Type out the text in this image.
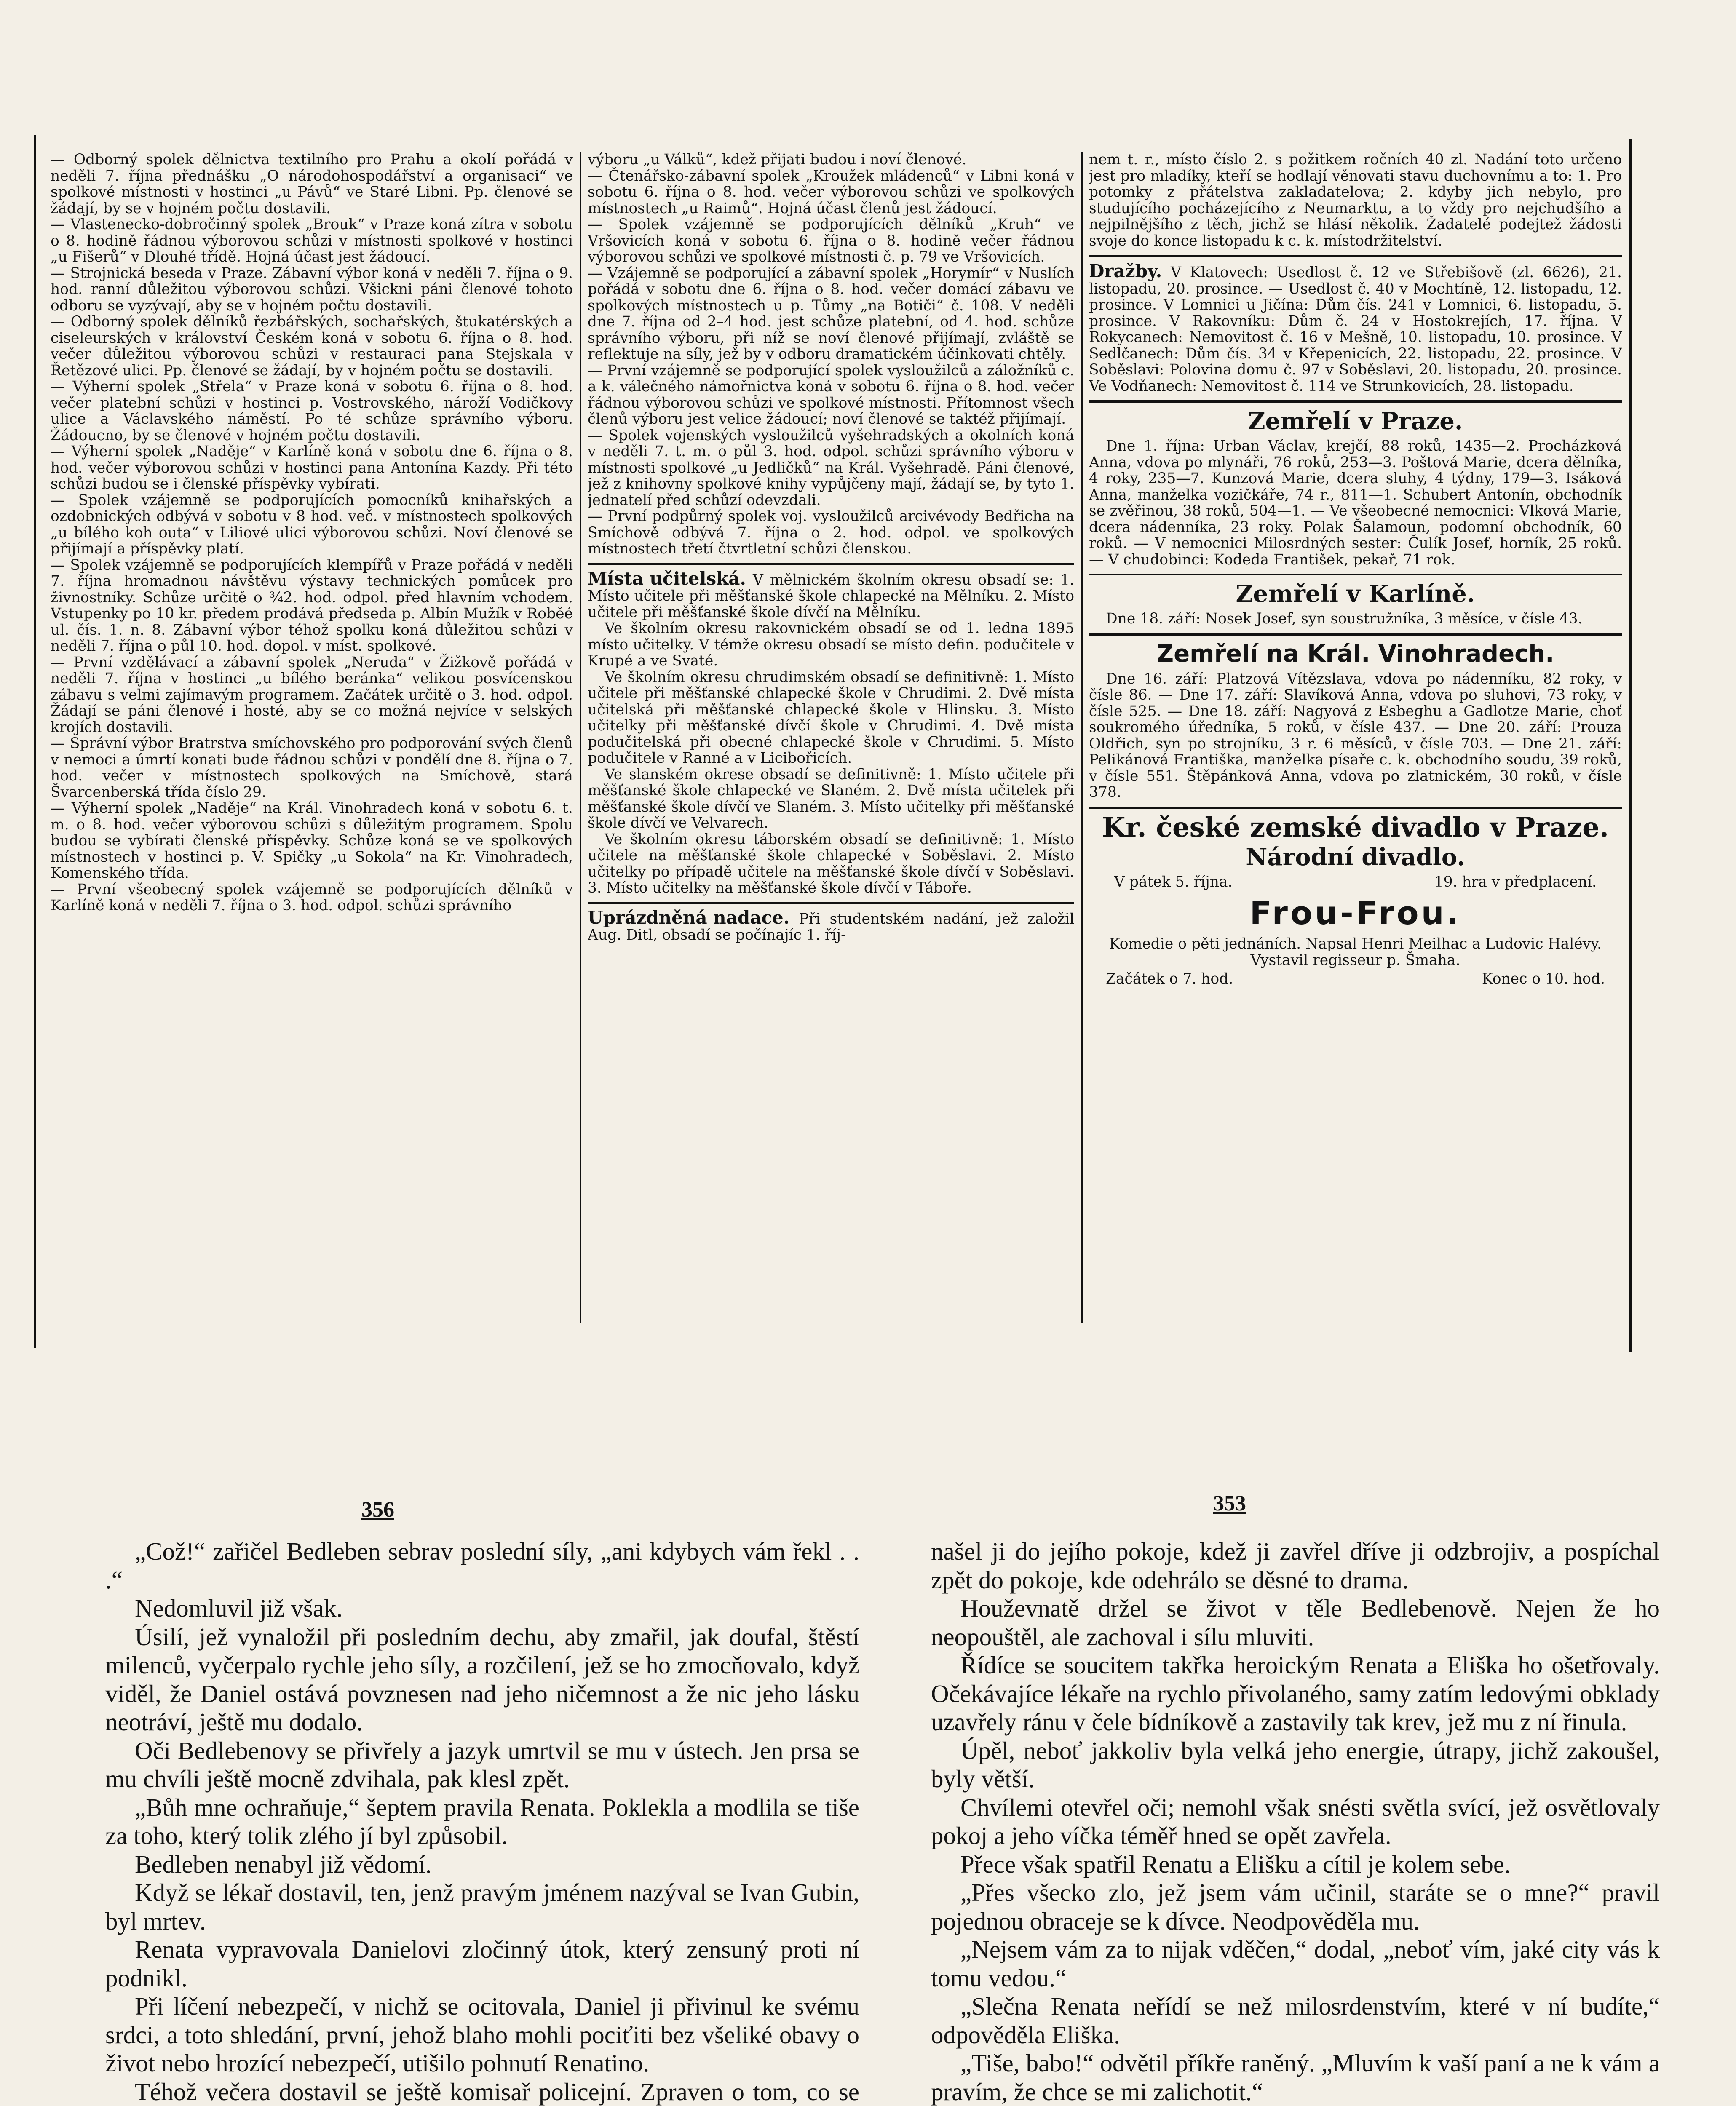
— Odborný spolek dělnictva textilního pro Prahu a okolí pořádá v neděli 7. října přednášku „O národohospodářství a organisaci“ ve spolkové místnosti v hostinci „u Pávů“ ve Staré Libni. Pp. členové se žádají, by se v hojném počtu dostavili.

— Vlastenecko-dobročinný spolek „Brouk“ v Praze koná zítra v sobotu o 8. hodině řádnou výborovou schůzi v místnosti spolkové v hostinci „u Fišerů“ v Dlouhé třídě. Hojná účast jest žádoucí.

— Strojnická beseda v Praze. Zábavní výbor koná v neděli 7. října o 9. hod. ranní důležitou výborovou schůzi. Všickni páni členové tohoto odboru se vyzývají, aby se v hojném počtu dostavili.

— Odborný spolek dělníků řezbářských, sochařských, štukatérských a ciseleurských v království Českém koná v sobotu 6. října o 8. hod. večer důležitou výborovou schůzi v restauraci pana Stejskala v Řetězové ulici. Pp. členové se žádají, by v hojném počtu se dostavili.

— Výherní spolek „Střela“ v Praze koná v sobotu 6. října o 8. hod. večer platební schůzi v hostinci p. Vostrovského, nároží Vodičkovy ulice a Václavského náměstí. Po té schůze správního výboru. Žádoucno, by se členové v hojném počtu dostavili.

— Výherní spolek „Naděje“ v Karlíně koná v sobotu dne 6. října o 8. hod. večer výborovou schůzi v hostinci pana Antonína Kazdy. Při této schůzi budou se i členské příspěvky vybírati.

— Spolek vzájemně se podporujících pomocníků knihařských a ozdobnických odbývá v sobotu v 8 hod. več. v místnostech spolkových „u bílého koh outa“ v Liliové ulici výborovou schůzi. Noví členové se přijímají a příspěvky platí.

— Spolek vzájemně se podporujících klempířů v Praze pořádá v neděli 7. října hromadnou návštěvu výstavy technických pomůcek pro živnostníky. Schůze určitě o ¾2. hod. odpol. před hlavním vchodem. Vstupenky po 10 kr. předem prodává předseda p. Albín Mužík v Roběé ul. čís. 1. n. 8. Zábavní výbor téhož spolku koná důležitou schůzi v neděli 7. října o půl 10. hod. dopol. v míst. spolkové.

— První vzdělávací a zábavní spolek „Neruda“ v Žižkově pořádá v neděli 7. října v hostinci „u bílého beránka“ velikou posvícenskou zábavu s velmi zajímavým programem. Začátek určitě o 3. hod. odpol. Žádají se páni členové i hosté, aby se co možná nejvíce v selských krojích dostavili.

— Správní výbor Bratrstva smíchovského pro podporování svých členů v nemoci a úmrtí konati bude řádnou schůzi v pondělí dne 8. října o 7. hod. večer v místnostech spolkových na Smíchově, stará Švarcenberská třída číslo 29.

— Výherní spolek „Naděje“ na Král. Vinohradech koná v sobotu 6. t. m. o 8. hod. večer výborovou schůzi s důležitým programem. Spolu budou se vybírati členské příspěvky. Schůze koná se ve spolkových místnostech v hostinci p. V. Spičky „u Sokola“ na Kr. Vinohradech, Komenského třída.

— První všeobecný spolek vzájemně se podporujících dělníků v Karlíně koná v neděli 7. října o 3. hod. odpol. schůzi správního

výboru „u Válků“, kdež přijati budou i noví členové.

— Čtenářsko-zábavní spolek „Kroužek mládenců“ v Libni koná v sobotu 6. října o 8. hod. večer výborovou schůzi ve spolkových místnostech „u Raimů“. Hojná účast členů jest žádoucí.

— Spolek vzájemně se podporujících dělníků „Kruh“ ve Vršovicích koná v sobotu 6. října o 8. hodině večer řádnou výborovou schůzi ve spolkové místnosti č. p. 79 ve Vršovicích.

— Vzájemně se podporující a zábavní spolek „Horymír“ v Nuslích pořádá v sobotu dne 6. října o 8. hod. večer domácí zábavu ve spolkových místnostech u p. Tůmy „na Botiči“ č. 108. V neděli dne 7. října od 2–4 hod. jest schůze platební, od 4. hod. schůze správního výboru, při níž se noví členové přijímají, zvláště se reflektuje na síly, jež by v odboru dramatickém účinkovati chtěly.

— První vzájemně se podporující spolek vysloužilců a záložníků c. a k. válečného námořnictva koná v sobotu 6. října o 8. hod. večer řádnou výborovou schůzi ve spolkové místnosti. Přítomnost všech členů výboru jest velice žádoucí; noví členové se taktéž přijímají.

— Spolek vojenských vysloužilců vyšehradských a okolních koná v neděli 7. t. m. o půl 3. hod. odpol. schůzi správního výboru v místnosti spolkové „u Jedličků“ na Král. Vyšehradě. Páni členové, jež z knihovny spolkové knihy vypůjčeny mají, žádají se, by tyto 1. jednatelí před schůzí odevzdali.

— První podpůrný spolek voj. vysloužilců arcivévody Bedřicha na Smíchově odbývá 7. října o 2. hod. odpol. ve spolkových místnostech třetí čtvrtletní schůzi členskou.

Místa učitelská. V mělnickém školním okresu obsadí se: 1. Místo učitele při měšťanské škole chlapecké na Mělníku. 2. Místo učitele při měšťanské škole dívčí na Mělníku.

Ve školním okresu rakovnickém obsadí se od 1. ledna 1895 místo učitelky. V témže okresu obsadí se místo defin. podučitele v Krupé a ve Svaté.

Ve školním okresu chrudimském obsadí se definitivně: 1. Místo učitele při měšťanské chlapecké škole v Chrudimi. 2. Dvě místa učitelská při měšťanské chlapecké škole v Hlinsku. 3. Místo učitelky při měšťanské dívčí škole v Chrudimi. 4. Dvě místa podučitelská při obecné chlapecké škole v Chrudimi. 5. Místo podučitele v Ranné a v Licibořicích.

Ve slanském okrese obsadí se definitivně: 1. Místo učitele při měšťanské škole chlapecké ve Slaném. 2. Dvě místa učitelek při měšťanské škole dívčí ve Slaném. 3. Místo učitelky při měšťanské škole dívčí ve Velvarech.

Ve školním okresu táborském obsadí se definitivně: 1. Místo učitele na měšťanské škole chlapecké v Soběslavi. 2. Místo učitelky po případě učitele na měšťanské škole dívčí v Soběslavi. 3. Místo učitelky na měšťanské škole dívčí v Táboře.

Uprázdněná nadace. Při studentském nadání, jež založil Aug. Ditl, obsadí se počínajíc 1. říj-

nem t. r., místo číslo 2. s požitkem ročních 40 zl. Nadání toto určeno jest pro mladíky, kteří se hodlají věnovati stavu duchovnímu a to: 1. Pro potomky z přátelstva zakladatelova; 2. kdyby jich nebylo, pro studujícího pocházejícího z Neumarktu, a to vždy pro nejchudšího a nejpilnějšího z těch, jichž se hlásí několik. Žadatelé podejtež žádosti svoje do konce listopadu k c. k. místodržitelství.

Dražby. V Klatovech: Usedlost č. 12 ve Střebišově (zl. 6626), 21. listopadu, 20. prosince. — Usedlost č. 40 v Mochtíně, 12. listopadu, 12. prosince. V Lomnici u Jičína: Dům čís. 241 v Lomnici, 6. listopadu, 5. prosince. V Rakovníku: Dům č. 24 v Hostokrejích, 17. října. V Rokycanech: Nemovitost č. 16 v Mešně, 10. listopadu, 10. prosince. V Sedlčanech: Dům čís. 34 v Křepenicích, 22. listopadu, 22. prosince. V Soběslavi: Polovina domu č. 97 v Soběslavi, 20. listopadu, 20. prosince. Ve Vodňanech: Nemovitost č. 114 ve Strunkovicích, 28. listopadu.

Zemřelí v Praze.
Dne 1. října: Urban Václav, krejčí, 88 roků, 1435—2. Procházková Anna, vdova po mlynáři, 76 roků, 253—3. Poštová Marie, dcera dělníka, 4 roky, 235—7. Kunzová Marie, dcera sluhy, 4 týdny, 179—3. Isáková Anna, manželka vozičkáře, 74 r., 811—1. Schubert Antonín, obchodník se zvěřinou, 38 roků, 504—1. — Ve všeobecné nemocnici: Vlková Marie, dcera nádenníka, 23 roky. Polak Šalamoun, podomní obchodník, 60 roků. — V nemocnici Milosrdných sester: Čulík Josef, horník, 25 roků. — V chudobinci: Kodeda František, pekař, 71 rok.
Zemřelí v Karlíně.
Dne 18. září: Nosek Josef, syn soustružníka, 3 měsíce, v čísle 43.
Zemřelí na Král. Vinohradech.
Dne 16. září: Platzová Vítězslava, vdova po nádenníku, 82 roky, v čísle 86. — Dne 17. září: Slavíková Anna, vdova po sluhovi, 73 roky, v čísle 525. — Dne 18. září: Nagyová z Esbeghu a Gadlotze Marie, choť soukromého úředníka, 5 roků, v čísle 437. — Dne 20. září: Prouza Oldřich, syn po strojníku, 3 r. 6 měsíců, v čísle 703. — Dne 21. září: Pelikánová Františka, manželka písaře c. k. obchodního soudu, 39 roků, v čísle 551. Štěpánková Anna, vdova po zlatnickém, 30 roků, v čísle 378.
Kr. české zemské divadlo v Praze.
Národní divadlo.
V pátek 5. října.	19. hra v předplacení.
Frou-Frou.
Komedie o pěti jednáních. Napsal Henri Meilhac a Ludovic Halévy. Vystavil regisseur p. Šmaha.
Začátek o 7. hod.	Konec o 10. hod.
356	353

„Což!“ zařičel Bedleben sebrav poslední síly, „ani kdybych vám řekl . . .“

Nedomluvil již však.

Úsilí, jež vynaložil při posledním dechu, aby zmařil, jak doufal, štěstí milenců, vyčerpalo rychle jeho síly, a rozčilení, jež se ho zmocňovalo, když viděl, že Daniel ostává povznesen nad jeho ničemnost a že nic jeho lásku neotráví, ještě mu dodalo.

Oči Bedlebenovy se přivřely a jazyk umrtvil se mu v ústech. Jen prsa se mu chvíli ještě mocně zdvihala, pak klesl zpět.

„Bůh mne ochraňuje,“ šeptem pravila Renata. Poklekla a modlila se tiše za toho, který tolik zlého jí byl způsobil.

Bedleben nenabyl již vědomí.

Když se lékař dostavil, ten, jenž pravým jménem nazýval se Ivan Gubin, byl mrtev.

Renata vypravovala Danielovi zločinný útok, který zensuný proti ní podnikl.

Při líčení nebezpečí, v nichž se ocitovala, Daniel ji přivinul ke svému srdci, a toto shledání, první, jehož blaho mohli pociťiti bez všeliké obavy o život nebo hrozící nebezpečí, utišilo pohnutí Renatino.

Téhož večera dostavil se ještě komisař policejní. Zpraven o tom, co se

našel ji do jejího pokoje, kdež ji zavřel dříve ji odzbrojiv, a pospíchal zpět do pokoje, kde odehrálo se děsné to drama.

Houževnatě držel se život v těle Bedlebenově. Nejen že ho neopouštěl, ale zachoval i sílu mluviti.

Řídíce se soucitem takřka heroickým Renata a Eliška ho ošetřovaly. Očekávajíce lékaře na rychlo přivolaného, samy zatím ledovými obklady uzavřely ránu v čele bídníkově a zastavily tak krev, jež mu z ní řinula.

Úpěl, neboť jakkoliv byla velká jeho energie, útrapy, jichž zakoušel, byly větší.

Chvílemi otevřel oči; nemohl však snésti světla svící, jež osvětlovaly pokoj a jeho víčka téměř hned se opět zavřela.

Přece však spatřil Renatu a Elišku a cítil je kolem sebe.

„Přes všecko zlo, jež jsem vám učinil, staráte se o mne?“ pravil pojednou obraceje se k dívce. Neodpověděla mu.

„Nejsem vám za to nijak vděčen,“ dodal, „neboť vím, jaké city vás k tomu vedou.“

„Slečna Renata neřídí se než milosrdenstvím, které v ní budíte,“ odpověděla Eliška.

„Tiše, babo!“ odvětil příkře raněný. „Mluvím k vaší paní a ne k vám a pravím, že chce se mi zalichotit.“
